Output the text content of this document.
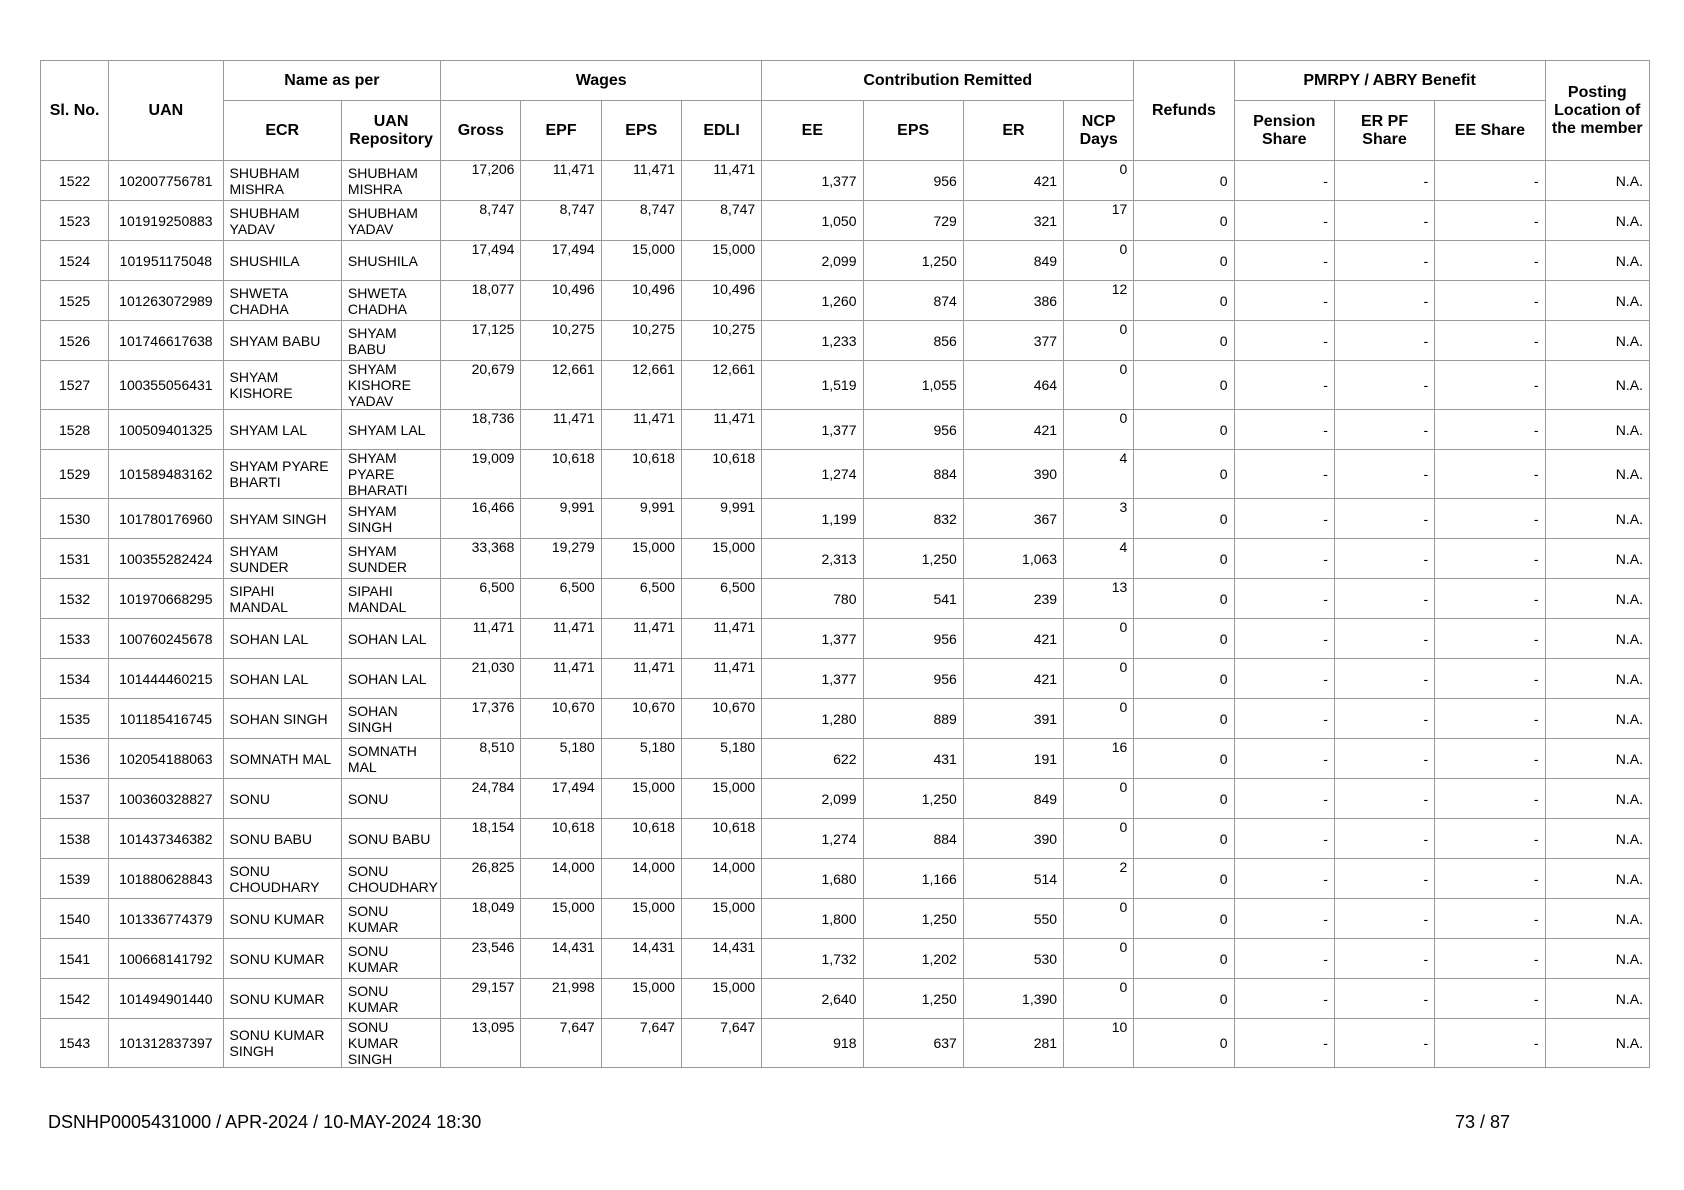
Sl. No.	UAN	Name as per		Wages				Contribution Remitted				Refunds	PMRPY / ABRY Benefit			Posting Location of the member
		ECR	UAN Repository	Gross	EPF	EPS	EDLI	EE	EPS	ER	NCP Days		Pension Share	ER PF Share	EE Share	
1522	102007756781	SHUBHAM MISHRA	SHUBHAM MISHRA	17,206	11,471	11,471	11,471	1,377	956	421	0	0	-	-	-	N.A.
1523	101919250883	SHUBHAM YADAV	SHUBHAM YADAV	8,747	8,747	8,747	8,747	1,050	729	321	17	0	-	-	-	N.A.
1524	101951175048	SHUSHILA	SHUSHILA	17,494	17,494	15,000	15,000	2,099	1,250	849	0	0	-	-	-	N.A.
1525	101263072989	SHWETA CHADHA	SHWETA CHADHA	18,077	10,496	10,496	10,496	1,260	874	386	12	0	-	-	-	N.A.
1526	101746617638	SHYAM BABU	SHYAM BABU	17,125	10,275	10,275	10,275	1,233	856	377	0	0	-	-	-	N.A.
1527	100355056431	SHYAM KISHORE	SHYAM KISHORE YADAV	20,679	12,661	12,661	12,661	1,519	1,055	464	0	0	-	-	-	N.A.
1528	100509401325	SHYAM LAL	SHYAM LAL	18,736	11,471	11,471	11,471	1,377	956	421	0	0	-	-	-	N.A.
1529	101589483162	SHYAM PYARE BHARTI	SHYAM PYARE BHARATI	19,009	10,618	10,618	10,618	1,274	884	390	4	0	-	-	-	N.A.
1530	101780176960	SHYAM SINGH	SHYAM SINGH	16,466	9,991	9,991	9,991	1,199	832	367	3	0	-	-	-	N.A.
1531	100355282424	SHYAM SUNDER	SHYAM SUNDER	33,368	19,279	15,000	15,000	2,313	1,250	1,063	4	0	-	-	-	N.A.
1532	101970668295	SIPAHI MANDAL	SIPAHI MANDAL	6,500	6,500	6,500	6,500	780	541	239	13	0	-	-	-	N.A.
1533	100760245678	SOHAN LAL	SOHAN LAL	11,471	11,471	11,471	11,471	1,377	956	421	0	0	-	-	-	N.A.
1534	101444460215	SOHAN LAL	SOHAN LAL	21,030	11,471	11,471	11,471	1,377	956	421	0	0	-	-	-	N.A.
1535	101185416745	SOHAN SINGH	SOHAN SINGH	17,376	10,670	10,670	10,670	1,280	889	391	0	0	-	-	-	N.A.
1536	102054188063	SOMNATH MAL	SOMNATH MAL	8,510	5,180	5,180	5,180	622	431	191	16	0	-	-	-	N.A.
1537	100360328827	SONU	SONU	24,784	17,494	15,000	15,000	2,099	1,250	849	0	0	-	-	-	N.A.
1538	101437346382	SONU BABU	SONU BABU	18,154	10,618	10,618	10,618	1,274	884	390	0	0	-	-	-	N.A.
1539	101880628843	SONU CHOUDHARY	SONU CHOUDHARY	26,825	14,000	14,000	14,000	1,680	1,166	514	2	0	-	-	-	N.A.
1540	101336774379	SONU KUMAR	SONU KUMAR	18,049	15,000	15,000	15,000	1,800	1,250	550	0	0	-	-	-	N.A.
1541	100668141792	SONU KUMAR	SONU KUMAR	23,546	14,431	14,431	14,431	1,732	1,202	530	0	0	-	-	-	N.A.
1542	101494901440	SONU KUMAR	SONU KUMAR	29,157	21,998	15,000	15,000	2,640	1,250	1,390	0	0	-	-	-	N.A.
1543	101312837397	SONU KUMAR SINGH	SONU KUMAR SINGH	13,095	7,647	7,647	7,647	918	637	281	10	0	-	-	-	N.A.
DSNHP0005431000 / APR-2024 / 10-MAY-2024 18:30	73 / 87
